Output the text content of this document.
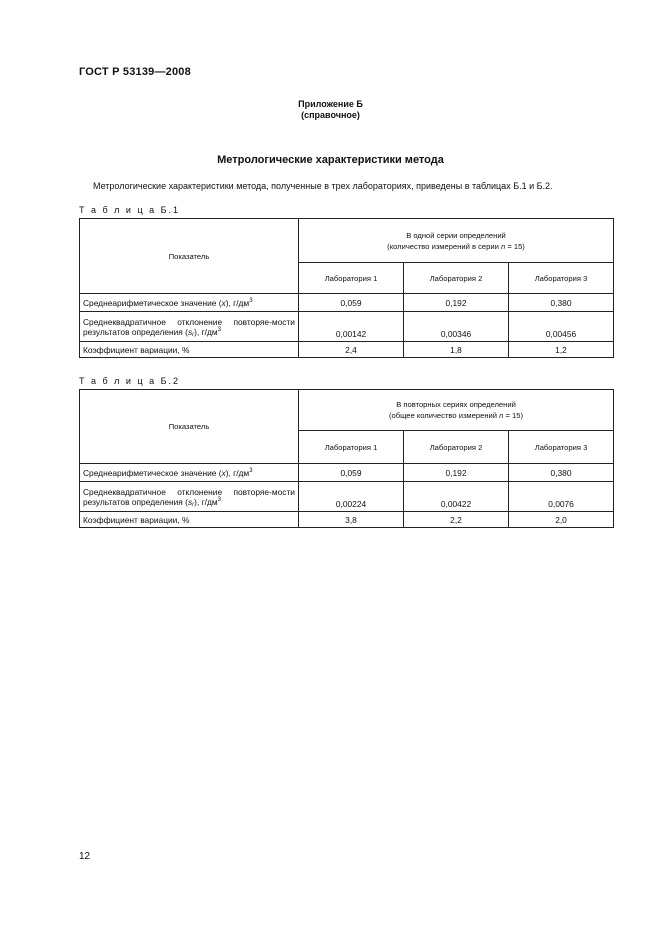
ГОСТ Р 53139—2008
Приложение Б
(справочное)
Метрологические характеристики метода
Метрологические характеристики метода, полученные в трех лабораториях, приведены в таблицах Б.1 и Б.2.
Т а б л и ц а Б.1
Показатель	В одной серии определений
(количество измерений в серии n = 15)		
	Лаборатория 1	Лаборатория 2	Лаборатория 3
Среднеарифметическое значение (x), $г/дм^3$	0,059	0,192	0,380
Среднеквадратичное отклонение повторяе-мости результатов определения $(s_r)$, $г/дм^3$	0,00142	0,00346	0,00456
Коэффициент вариации, %	2,4	1,8	1,2
Т а б л и ц а Б.2
Показатель	В повторных сериях определений
(общее количество измерений n = 15)		
	Лаборатория 1	Лаборатория 2	Лаборатория 3
Среднеарифметическое значение (x), $г/дм^3$	0,059	0,192	0,380
Среднеквадратичное отклонение повторяе-мости результатов определения $(s_r)$, $г/дм^3$	0,00224	0,00422	0,0076
Коэффициент вариации, %	3,8	2,2	2,0
12
